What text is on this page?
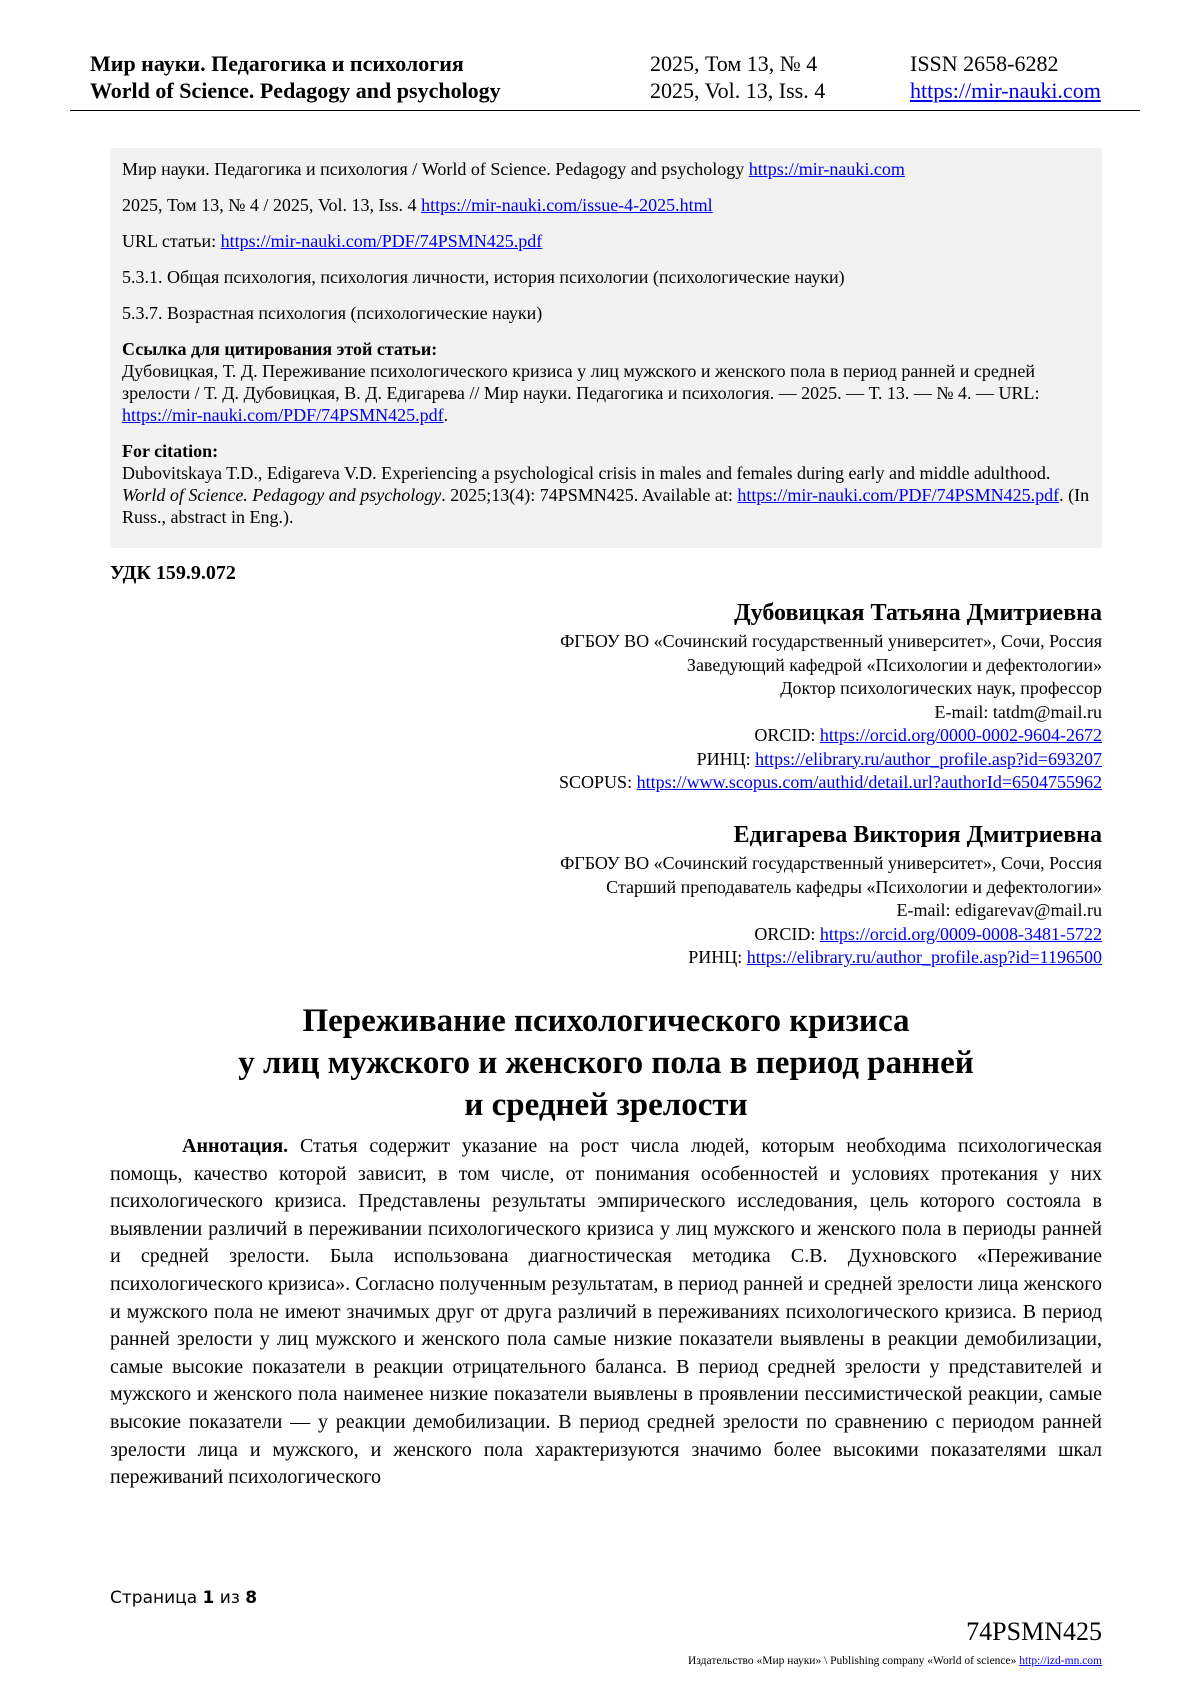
Мир науки. Педагогика и психология
World of Science. Pedagogy and psychology
2025, Том 13, № 4
2025, Vol. 13, Iss. 4
ISSN 2658-6282
https://mir-nauki.com

Мир науки. Педагогика и психология / World of Science. Pedagogy and psychology https://mir-nauki.com

2025, Том 13, № 4 / 2025, Vol. 13, Iss. 4 https://mir-nauki.com/issue-4-2025.html

URL статьи: https://mir-nauki.com/PDF/74PSMN425.pdf

5.3.1. Общая психология, психология личности, история психологии (психологические науки)

5.3.7. Возрастная психология (психологические науки)

Ссылка для цитирования этой статьи:
Дубовицкая, Т. Д. Переживание психологического кризиса у лиц мужского и женского пола в период ранней и средней зрелости / Т. Д. Дубовицкая, В. Д. Едигарева // Мир науки. Педагогика и психология. — 2025. — Т. 13. — № 4. — URL: https://mir-nauki.com/PDF/74PSMN425.pdf.

For citation:
Dubovitskaya T.D., Edigareva V.D. Experiencing a psychological crisis in males and females during early and middle adulthood. World of Science. Pedagogy and psychology. 2025;13(4): 74PSMN425. Available at: https://mir-nauki.com/PDF/74PSMN425.pdf. (In Russ., abstract in Eng.).

УДК 159.9.072
Дубовицкая Татьяна Дмитриевна
ФГБОУ ВО «Сочинский государственный университет», Сочи, Россия
Заведующий кафедрой «Психологии и дефектологии»
Доктор психологических наук, профессор
E-mail: tatdm@mail.ru
ORCID: https://orcid.org/0000-0002-9604-2672
РИНЦ: https://elibrary.ru/author_profile.asp?id=693207
SCOPUS: https://www.scopus.com/authid/detail.url?authorId=6504755962
Едигарева Виктория Дмитриевна
ФГБОУ ВО «Сочинский государственный университет», Сочи, Россия
Старший преподаватель кафедры «Психологии и дефектологии»
E-mail: edigarevav@mail.ru
ORCID: https://orcid.org/0009-0008-3481-5722
РИНЦ: https://elibrary.ru/author_profile.asp?id=1196500
Переживание психологического кризиса
у лиц мужского и женского пола в период ранней
и средней зрелости
Аннотация. Статья содержит указание на рост числа людей, которым необходима психологическая помощь, качество которой зависит, в том числе, от понимания особенностей и условиях протекания у них психологического кризиса. Представлены результаты эмпирического исследования, цель которого состояла в выявлении различий в переживании психологического кризиса у лиц мужского и женского пола в периоды ранней и средней зрелости. Была использована диагностическая методика С.В. Духновского «Переживание психологического кризиса». Согласно полученным результатам, в период ранней и средней зрелости лица женского и мужского пола не имеют значимых друг от друга различий в переживаниях психологического кризиса. В период ранней зрелости у лиц мужского и женского пола самые низкие показатели выявлены в реакции демобилизации, самые высокие показатели в реакции отрицательного баланса. В период средней зрелости у представителей и мужского и женского пола наименее низкие показатели выявлены в проявлении пессимистической реакции, самые высокие показатели — у реакции демобилизации. В период средней зрелости по сравнению с периодом ранней зрелости лица и мужского, и женского пола характеризуются значимо более высокими показателями шкал переживаний психологического
Страница 1 из 8
74PSMN425
Издательство «Мир науки» \ Publishing company «World of science» http://izd-mn.com
